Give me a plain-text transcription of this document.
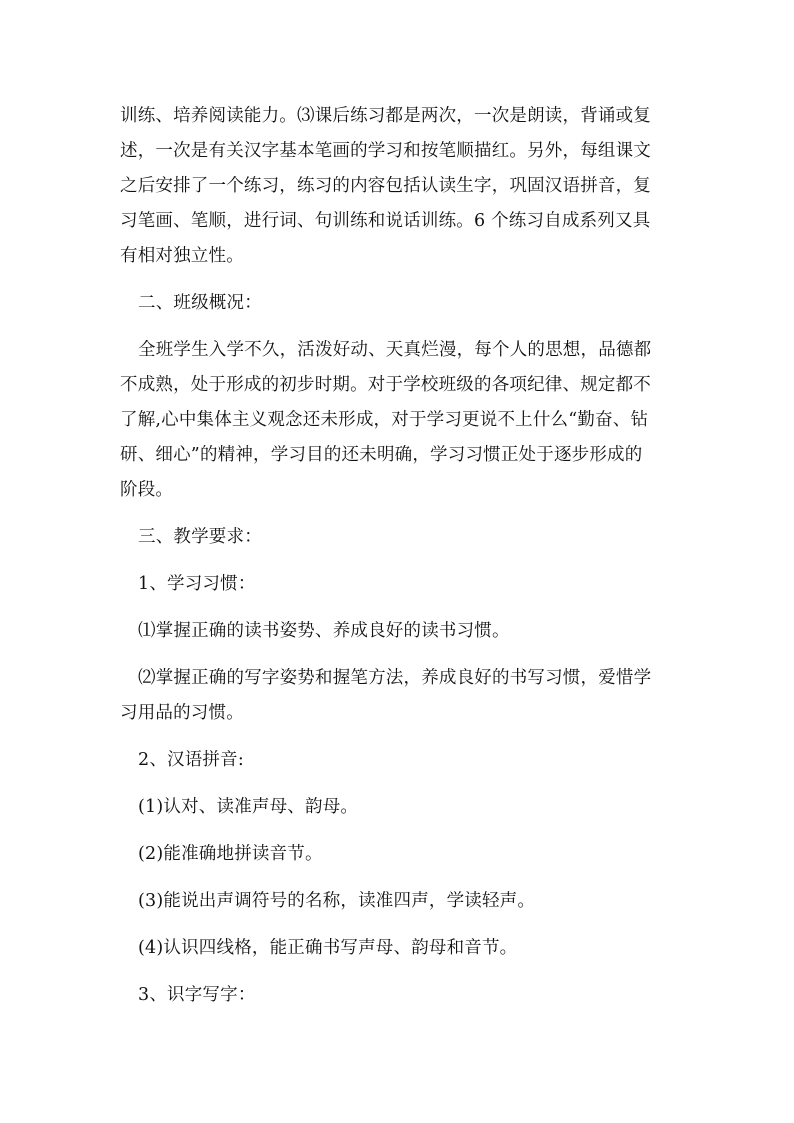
训练、培养阅读能力。⑶课后练习都是两次，一次是朗读，背诵或复
述，一次是有关汉字基本笔画的学习和按笔顺描红。另外，每组课文
之后安排了一个练习，练习的内容包括认读生字，巩固汉语拼音，复
习笔画、笔顺，进行词、句训练和说话训练。6 个练习自成系列又具
有相对独立性。
二、班级概况：
全班学生入学不久，活泼好动、天真烂漫，每个人的思想，品德都
不成熟，处于形成的初步时期。对于学校班级的各项纪律、规定都不
了解,心中集体主义观念还未形成，对于学习更说不上什么“勤奋、钻
研、细心”的精神，学习目的还未明确，学习习惯正处于逐步形成的
阶段。
三、教学要求：
1、学习习惯：
⑴掌握正确的读书姿势、养成良好的读书习惯。
⑵掌握正确的写字姿势和握笔方法，养成良好的书写习惯，爱惜学
习用品的习惯。
2、汉语拼音:
(1)认对、读准声母、韵母。
(2)能准确地拼读音节。
(3)能说出声调符号的名称，读准四声，学读轻声。
(4)认识四线格，能正确书写声母、韵母和音节。
3、识字写字：
